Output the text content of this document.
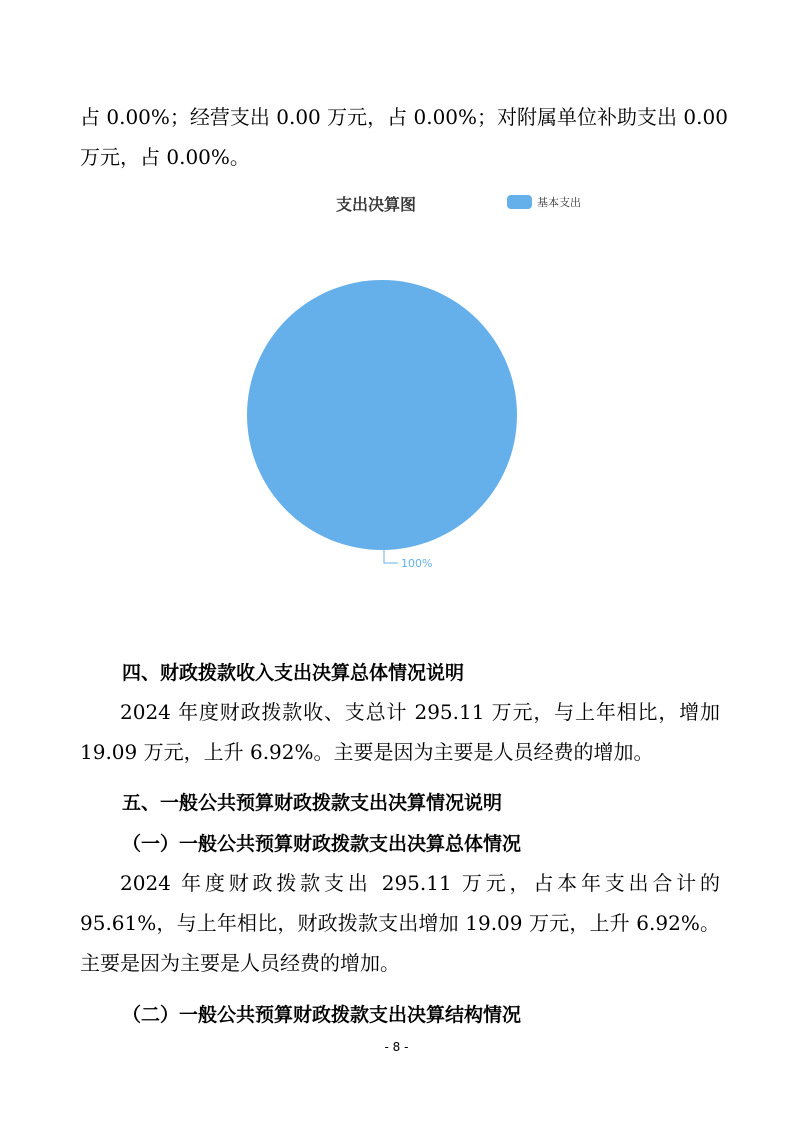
占 0.00%；经营支出 0.00 万元，占 0.00%；对附属单位补助支出 0.00
万元，占 0.00%。
支出决算图	基本支出
100%
四、财政拨款收入支出决算总体情况说明
2024 年度财政拨款收、支总计 295.11 万元，与上年相比，增加
19.09 万元，上升 6.92%。主要是因为主要是人员经费的增加。
五、一般公共预算财政拨款支出决算情况说明
（一）一般公共预算财政拨款支出决算总体情况
2024 年度财政拨款支出 295.11 万元，占本年支出合计的
95.61%，与上年相比，财政拨款支出增加 19.09 万元，上升 6.92%。
主要是因为主要是人员经费的增加。
（二）一般公共预算财政拨款支出决算结构情况
- 8 -
